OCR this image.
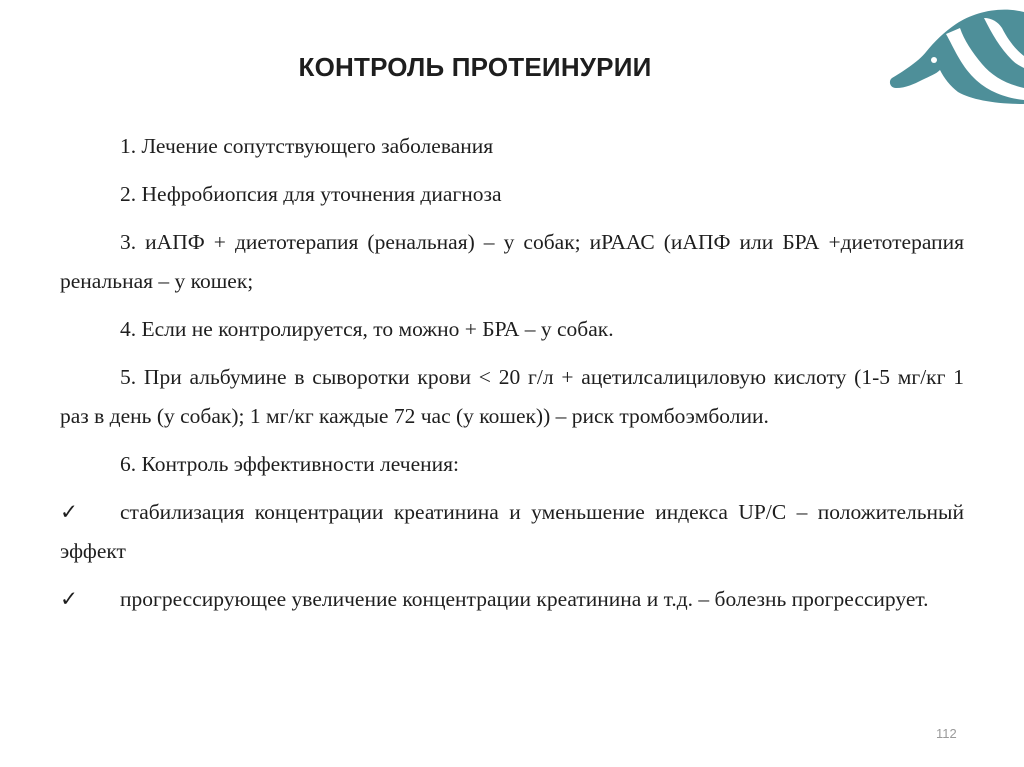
КОНТРОЛЬ ПРОТЕИНУРИИ

1. Лечение сопутствующего заболевания

2. Нефробиопсия для уточнения диагноза

3. иАПФ + диетотерапия (ренальная) – у собак; иРААС (иАПФ или БРА +диетотерапия ренальная – у кошек;

4. Если не контролируется, то можно + БРА – у собак.

5. При альбумине в сыворотки крови < 20 г/л + ацетилсалициловую кислоту (1-5 мг/кг 1 раз в день (у собак); 1 мг/кг каждые 72 час (у кошек)) – риск тромбоэмболии.

6. Контроль эффективности лечения:

✓	стабилизация концентрации креатинина и уменьшение индекса UP/C – положительный эффект
✓	прогрессирующее увеличение концентрации креатинина и т.д. – болезнь прогрессирует.
112
